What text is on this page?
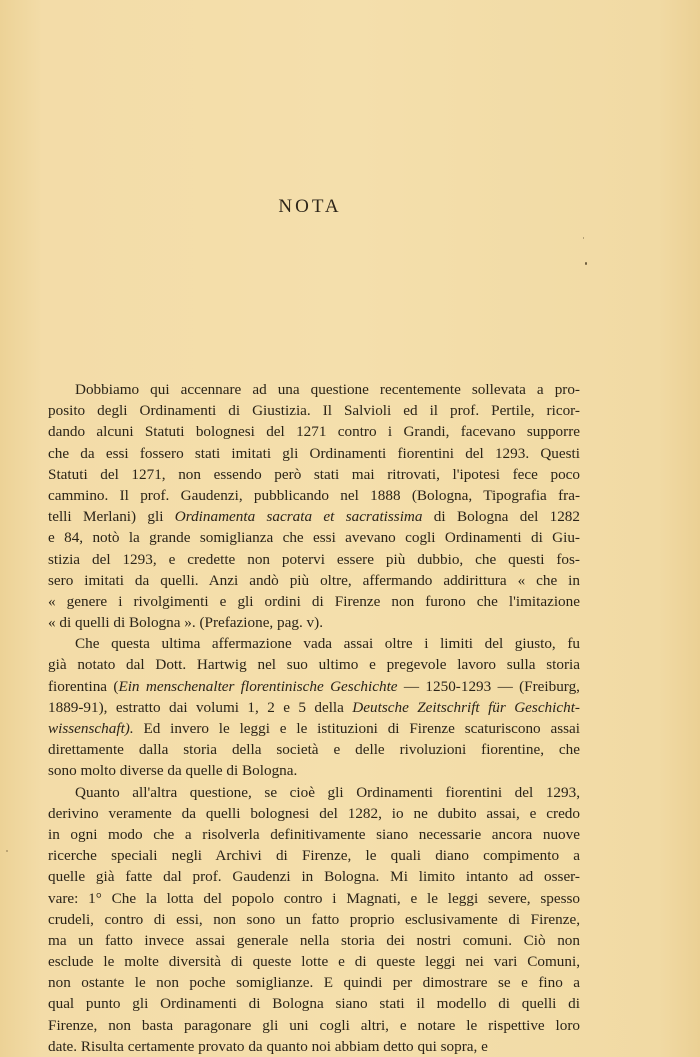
NOTA
Dobbiamo qui accennare ad una questione recentemente sollevata a pro-
posito degli Ordinamenti di Giustizia. Il Salvioli ed il prof. Pertile, ricor-
dando alcuni Statuti bolognesi del 1271 contro i Grandi, facevano supporre
che da essi fossero stati imitati gli Ordinamenti fiorentini del 1293. Questi
Statuti del 1271, non essendo però stati mai ritrovati, l'ipotesi fece poco
cammino. Il prof. Gaudenzi, pubblicando nel 1888 (Bologna, Tipografia fra-
telli Merlani) gli Ordinamenta sacrata et sacratissima di Bologna del 1282
e 84, notò la grande somiglianza che essi avevano cogli Ordinamenti di Giu-
stizia del 1293, e credette non potervi essere più dubbio, che questi fos-
sero imitati da quelli. Anzi andò più oltre, affermando addirittura « che in
« genere i rivolgimenti e gli ordini di Firenze non furono che l'imitazione
« di quelli di Bologna ». (Prefazione, pag. v).
Che questa ultima affermazione vada assai oltre i limiti del giusto, fu
già notato dal Dott. Hartwig nel suo ultimo e pregevole lavoro sulla storia
fiorentina (Ein menschenalter florentinische Geschichte — 1250-1293 — (Freiburg,
1889-91), estratto dai volumi 1, 2 e 5 della Deutsche Zeitschrift für Geschicht-
wissenschaft). Ed invero le leggi e le istituzioni di Firenze scaturiscono assai
direttamente dalla storia della società e delle rivoluzioni fiorentine, che
sono molto diverse da quelle di Bologna.
Quanto all'altra questione, se cioè gli Ordinamenti fiorentini del 1293,
derivino veramente da quelli bolognesi del 1282, io ne dubito assai, e credo
in ogni modo che a risolverla definitivamente siano necessarie ancora nuove
ricerche speciali negli Archivi di Firenze, le quali diano compimento a
quelle già fatte dal prof. Gaudenzi in Bologna. Mi limito intanto ad osser-
vare: 1° Che la lotta del popolo contro i Magnati, e le leggi severe, spesso
crudeli, contro di essi, non sono un fatto proprio esclusivamente di Firenze,
ma un fatto invece assai generale nella storia dei nostri comuni. Ciò non
esclude le molte diversità di queste lotte e di queste leggi nei vari Comuni,
non ostante le non poche somiglianze. E quindi per dimostrare se e fino a
qual punto gli Ordinamenti di Bologna siano stati il modello di quelli di
Firenze, non basta paragonare gli uni cogli altri, e notare le rispettive loro
date. Risulta certamente provato da quanto noi abbiam detto qui sopra, e
